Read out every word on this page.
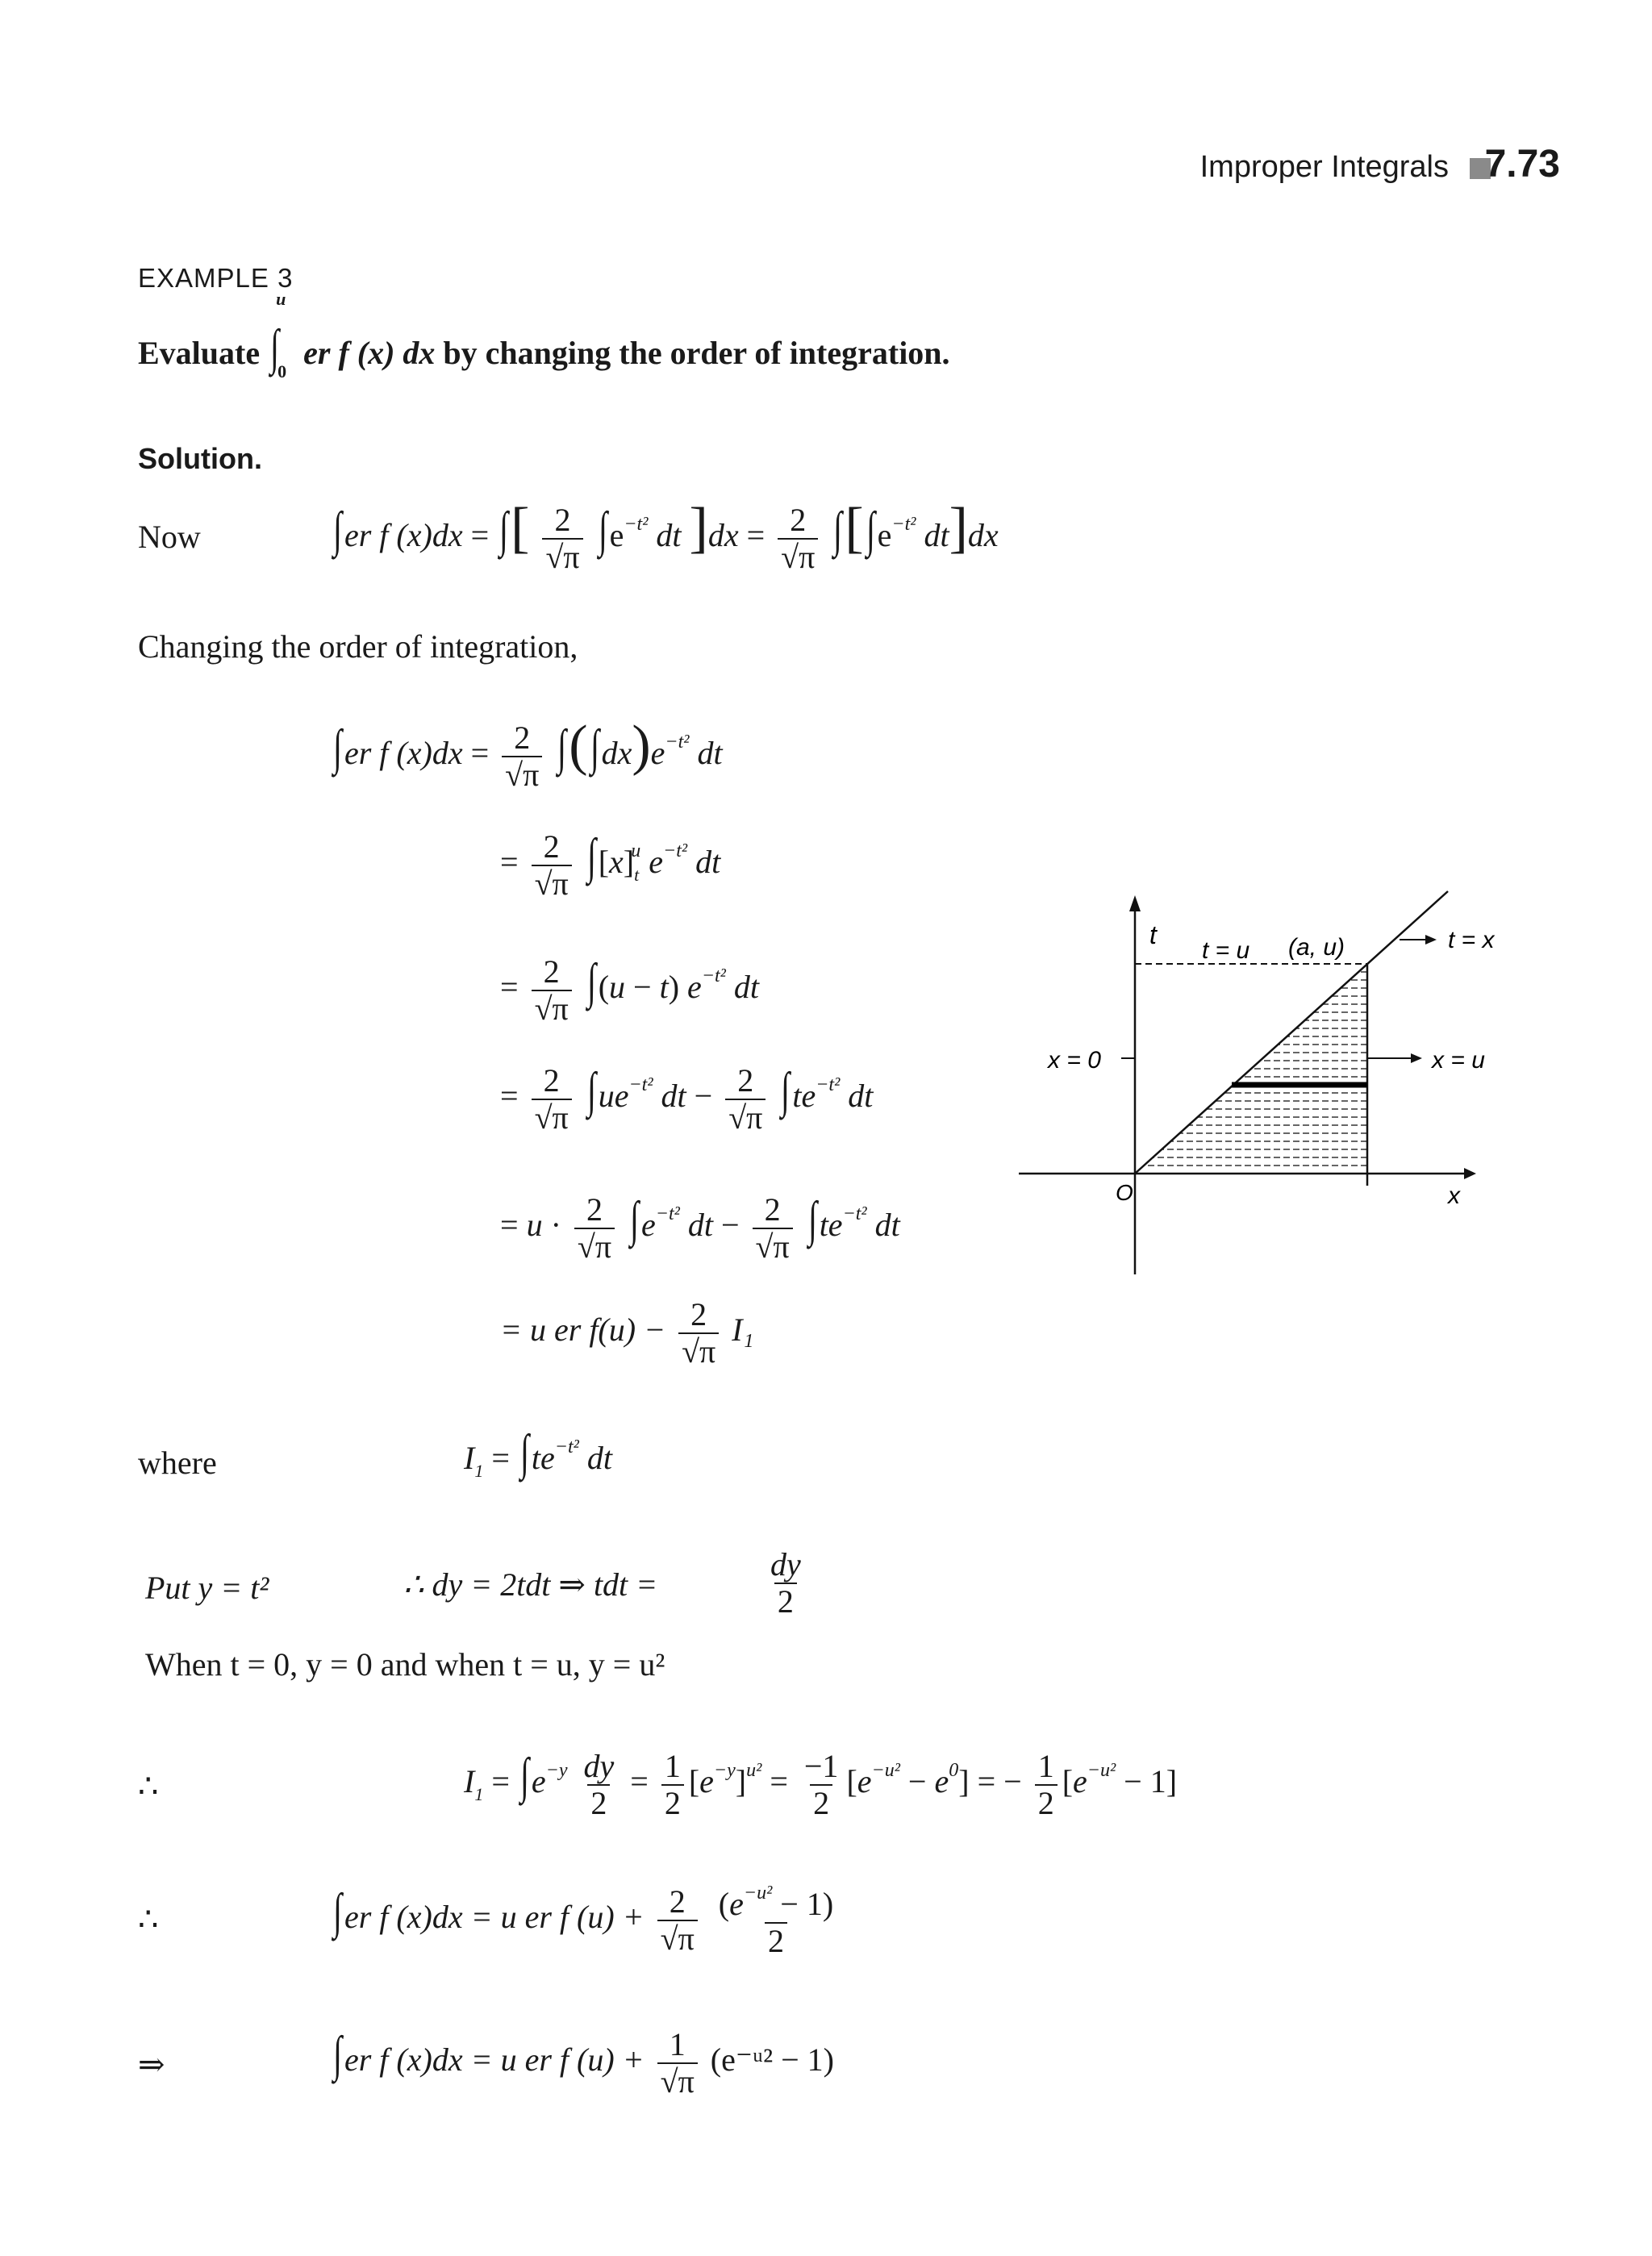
Improper Integrals 7.73
EXAMPLE 3
Evaluate
u
∫
0
er f (x) dx by changing the order of integration.
Solution.
Now	∫er f (x)dx = ∫[ $\frac{2}{√\pi} \int e^{-t^2}$ dt ]$dx = \frac{2}{√\pi} \int[\int e^{-t^2}$ dt]dx
Changing the order of integration,
∫er f $(x)dx = \frac{2}{√\pi} \int(\int dx)e^{-t^2}$ dt
= $\frac{2}{√\pi} \int[x]_t^u$ $e^{-t^2}$ dt
= $\frac{2}{√\pi} \int(u - t)$ $e^{-t^2}$ dt
= $\frac{2}{√\pi} \int ue^{-t^2}$ dt − $\frac{2}{√\pi} \int te^{-t^2}$ dt
= $u \cdot \frac{2}{√\pi} \int e^{-t^2}$ dt − $\frac{2}{√\pi} \int te^{-t^2}$ dt
= u er $f(u) - \frac{2}{√\pi} I_1$
where	$I_1 = \int te^{-t^2}$ dt
Put y = t²	∴ dy = 2tdt ⇒ tdt =	$\frac{dy}{2}$
When t = 0, y = 0 and when t = u, y = u²
∴	$I_1 = \int e^{-y} \frac{dy}{2} = \frac{1}{2} [e^{-y}]^{u^2} = \frac{-1}{2} [e^{-u^2} - e^0]$ = − $\frac{1}{2} [e^{-u^2} - 1]$
∴	∫er f (x)dx = u er f $(u) + \frac{2}{√\pi}$
$\frac{(e^{-u^2} - 1)}{2}$
⇒	∫er f (x)dx = u er f $(u) + \frac{1}{√\pi}$ (e⁻ᵘ² − 1)
t
t = u (a, u)	t = x
x = 0	x = u
O	x
